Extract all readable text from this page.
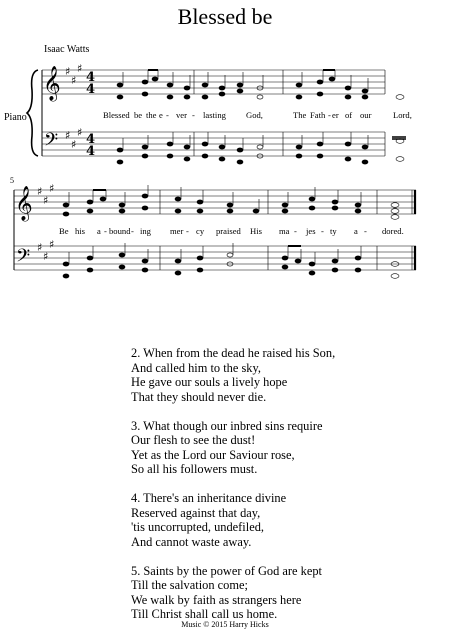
Blessed be
Isaac Watts
Piano
5
𝄞
𝄢
𝄞
𝄢
♯
♯
♯
♯
♯
♯
♯
♯
♯
♯
♯
♯
4
4
4
4
Blessed be the e - ver - lasting God,	The Fath - er of our	Lord,
Be his a - bound - ing mer - cy praised His ma - jes - ty a - dored.
2. When from the dead he raised his Son,
And called him to the sky,
He gave our souls a lively hope
That they should never die.
3. What though our inbred sins require
Our flesh to see the dust!
Yet as the Lord our Saviour rose,
So all his followers must.
4. There's an inheritance divine
Reserved against that day,
'tis uncorrupted, undefiled,
And cannot waste away.
5. Saints by the power of God are kept
Till the salvation come;
We walk by faith as strangers here
Till Christ shall call us home.
Music © 2015 Harry Hicks
